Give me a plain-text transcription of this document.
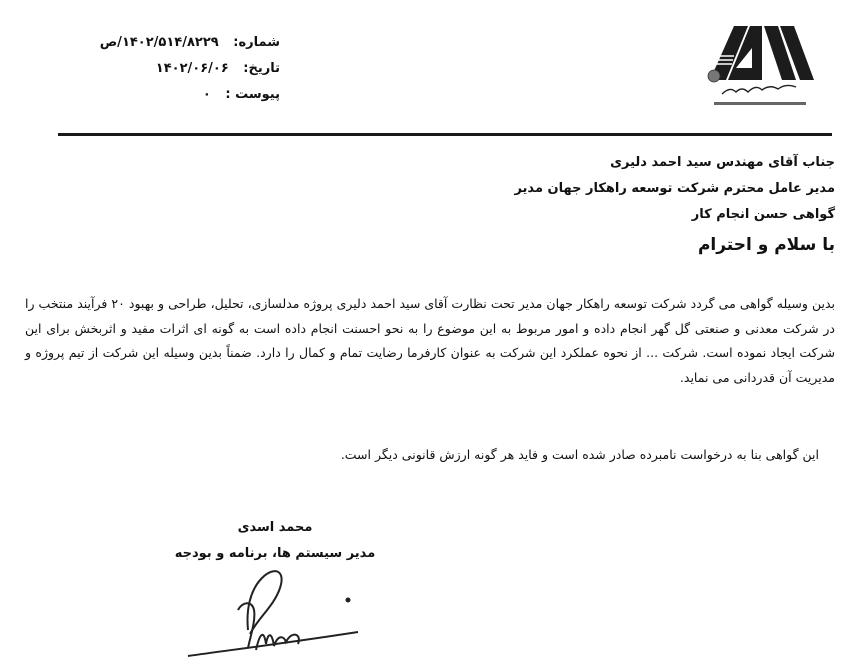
شماره: ۱۴۰۲/۵۱۴/۸۲۲۹/ص
تاریخ: ۱۴۰۲/۰۶/۰۶
پیوست : ۰
جناب آقای مهندس سید احمد دلیری
مدیر عامل محترم شرکت توسعه راهکار جهان مدیر
گواهی حسن انجام کار
با سلام و احترام
بدین وسیله گواهی می گردد شرکت توسعه راهکار جهان مدیر تحت نظارت آقای سید احمد دلیری پروژه مدلسازی، تحلیل، طراحی و بهبود ۲۰ فرآیند منتخب را در شرکت معدنی و صنعتی گل گهر انجام داده و امور مربوط به این موضوع را به نحو احسنت انجام داده است به گونه ای اثرات مفید و اثربخش برای این شرکت ایجاد نموده است. شرکت ... از نحوه عملکرد این شرکت به عنوان کارفرما رضایت تمام و کمال را دارد. ضمناً بدین وسیله این شرکت از تیم پروژه و مدیریت آن قدردانی می نماید.
این گواهی بنا به درخواست نامبرده صادر شده است و فاید هر گونه ارزش قانونی دیگر است.
محمد اسدی
مدیر سیستم ها، برنامه و بودجه
